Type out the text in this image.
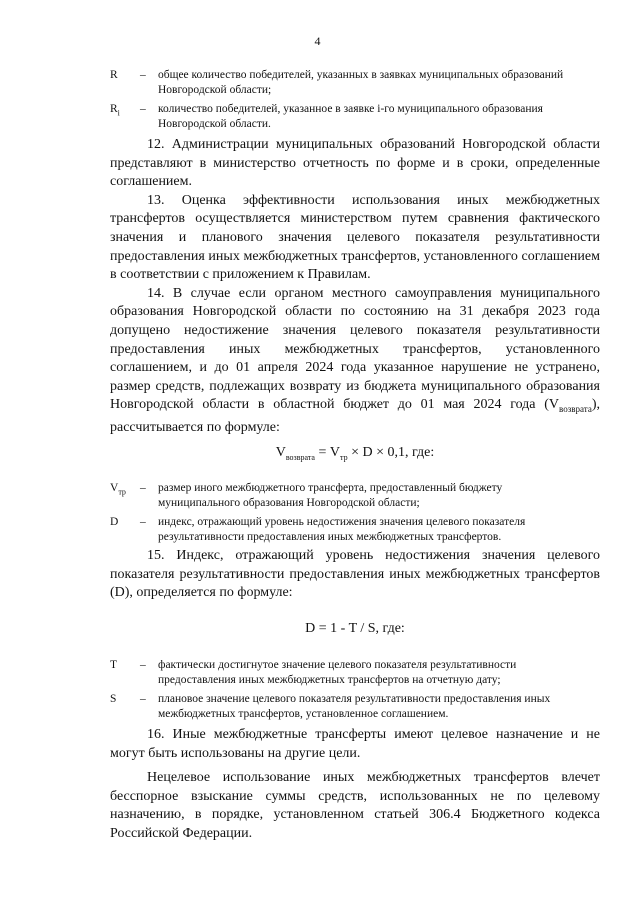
4
R	–	общее количество победителей, указанных в заявках муниципальных образований Новгородской области;
$R_i$	–	количество победителей, указанное в заявке i-го муниципального образования Новгородской области.

12. Администрации муниципальных образований Новгородской области представляют в министерство отчетность по форме и в сроки, определенные соглашением.

13. Оценка эффективности использования иных межбюджетных трансфертов осуществляется министерством путем сравнения фактического значения и планового значения целевого показателя результативности предоставления иных межбюджетных трансфертов, установленного соглашением в соответствии с приложением к Правилам.

14. В случае если органом местного самоуправления муниципального образования Новгородской области по состоянию на 31 декабря 2023 года допущено недостижение значения целевого показателя результативности предоставления иных межбюджетных трансфертов, установленного соглашением, и до 01 апреля 2024 года указанное нарушение не устранено, размер средств, подлежащих возврату из бюджета муниципального образования Новгородской области в областной бюджет до 01 мая 2024 года $(V_{возврата})$, рассчитывается по формуле:

$V_{возврата} = V_{тр} \times D \times 0,1$, где:

$V_{тр}$	–	размер иного межбюджетного трансферта, предоставленный бюджету муниципального образования Новгородской области;
D	–	индекс, отражающий уровень недостижения значения целевого показателя результативности предоставления иных межбюджетных трансфертов.

15. Индекс, отражающий уровень недостижения значения целевого показателя результативности предоставления иных межбюджетных трансфертов (D), определяется по формуле:

D = 1 - T / S, где:

T	–	фактически достигнутое значение целевого показателя результативности предоставления иных межбюджетных трансфертов на отчетную дату;
S	–	плановое значение целевого показателя результативности предоставления иных межбюджетных трансфертов, установленное соглашением.

16. Иные межбюджетные трансферты имеют целевое назначение и не могут быть использованы на другие цели.

Нецелевое использование иных межбюджетных трансфертов влечет бесспорное взыскание суммы средств, использованных не по целевому назначению, в порядке, установленном статьей 306.4 Бюджетного кодекса Российской Федерации.
